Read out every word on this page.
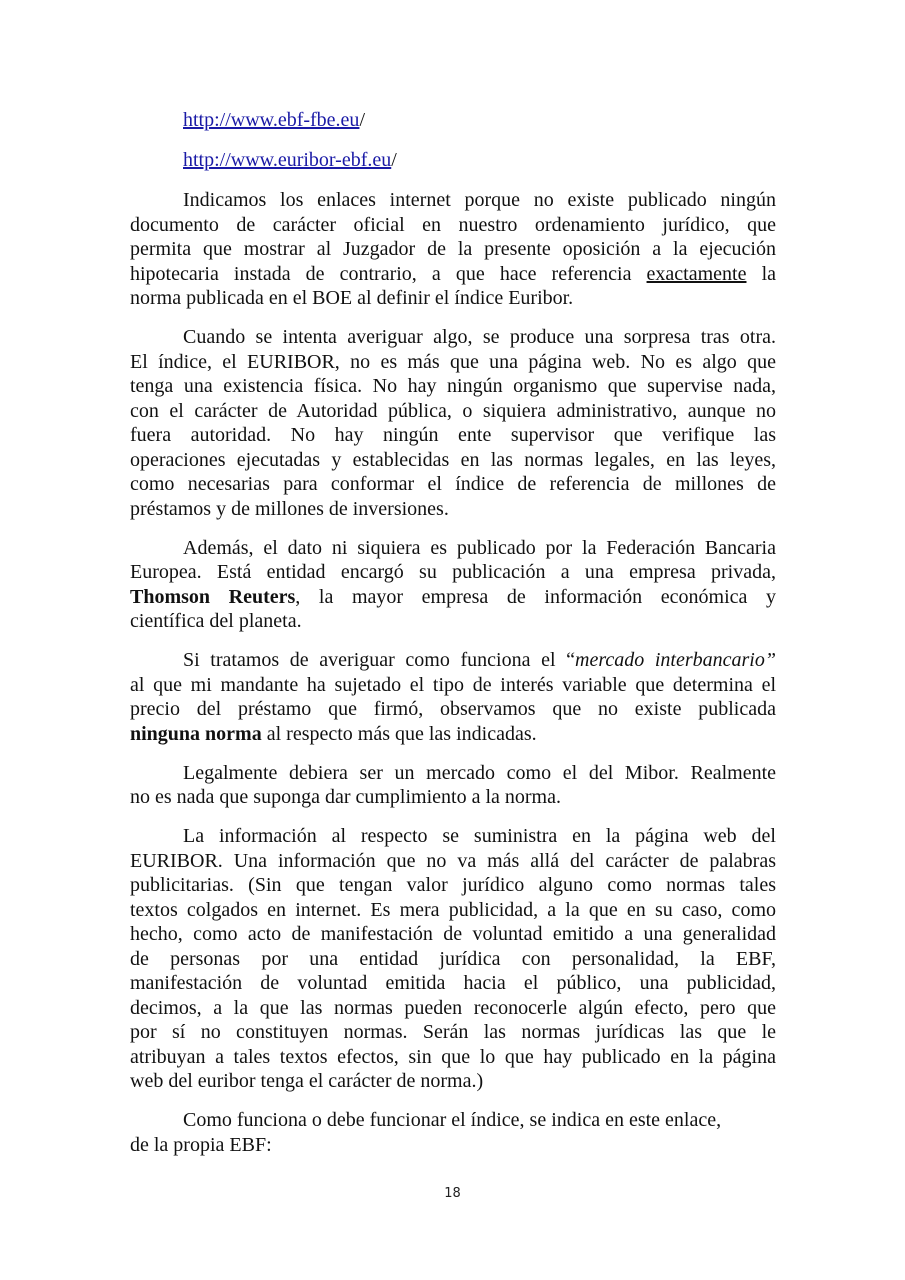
http://www.ebf-fbe.eu/
http://www.euribor-ebf.eu/
Indicamos los enlaces internet porque no existe publicado ningún
documento de carácter oficial en nuestro ordenamiento jurídico, que
permita que mostrar al Juzgador de la presente oposición a la ejecución
hipotecaria instada de contrario, a que hace referencia exactamente la
norma publicada en el BOE al definir el índice Euribor.
Cuando se intenta averiguar algo, se produce una sorpresa tras otra.
El índice, el EURIBOR, no es más que una página web. No es algo que
tenga una existencia física. No hay ningún organismo que supervise nada,
con el carácter de Autoridad pública, o siquiera administrativo, aunque no
fuera autoridad. No hay ningún ente supervisor que verifique las
operaciones ejecutadas y establecidas en las normas legales, en las leyes,
como necesarias para conformar el índice de referencia de millones de
préstamos y de millones de inversiones.
Además, el dato ni siquiera es publicado por la Federación Bancaria
Europea. Está entidad encargó su publicación a una empresa privada,
Thomson Reuters, la mayor empresa de información económica y
científica del planeta.
Si tratamos de averiguar como funciona el “mercado interbancario”
al que mi mandante ha sujetado el tipo de interés variable que determina el
precio del préstamo que firmó, observamos que no existe publicada
ninguna norma al respecto más que las indicadas.
Legalmente debiera ser un mercado como el del Mibor. Realmente
no es nada que suponga dar cumplimiento a la norma.
La información al respecto se suministra en la página web del
EURIBOR. Una información que no va más allá del carácter de palabras
publicitarias. (Sin que tengan valor jurídico alguno como normas tales
textos colgados en internet. Es mera publicidad, a la que en su caso, como
hecho, como acto de manifestación de voluntad emitido a una generalidad
de personas por una entidad jurídica con personalidad, la EBF,
manifestación de voluntad emitida hacia el público, una publicidad,
decimos, a la que las normas pueden reconocerle algún efecto, pero que
por sí no constituyen normas. Serán las normas jurídicas las que le
atribuyan a tales textos efectos, sin que lo que hay publicado en la página
web del euribor tenga el carácter de norma.)
Como funciona o debe funcionar el índice, se indica en este enlace,
de la propia EBF:
18
